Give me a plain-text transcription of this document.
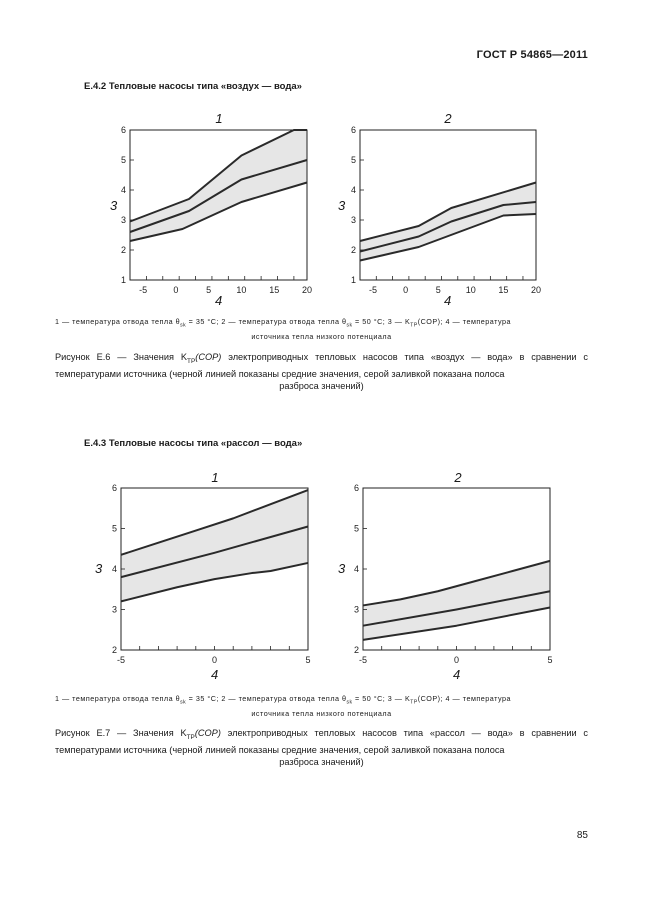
ГОСТ Р 54865—2011
Е.4.2 Тепловые насосы типа «воздух — вода»
1	2
3	3
4	4
-5	0	5	10	15	20
1
2
3
4
5
6
-5	0	5	10	15	20
1
2
3
4
5
6
1 — температура отвода тепла $\theta_{sk} = 35$ °C; 2 — температура отвода тепла $\theta_{sk} = 50$ °C; 3 — $K_{ТР}(COP)$; 4 — температура
источника тепла низкого потенциала
Рисунок Е.6 — Значения $K_{ТР}(COP)$ электроприводных тепловых насосов типа «воздух — вода» в сравнении с температурами источника (черной линией показаны средние значения, серой заливкой показана полоса
разброса значений)
Е.4.3 Тепловые насосы типа «рассол — вода»
1	2
3	3
4	4
-5	0	5
2
3
4
5
6
-5	0	5
2
3
4
5
6
1 — температура отвода тепла $\theta_{sk} = 35$ °C; 2 — температура отвода тепла $\theta_{sk} = 50$ °C; 3 — $K_{ТР}(COP)$; 4 — температура
источника тепла низкого потенциала
Рисунок Е.7 — Значения $K_{ТР}(COP)$ электроприводных тепловых насосов типа «рассол — вода» в сравнении с температурами источника (черной линией показаны средние значения, серой заливкой показана полоса
разброса значений)
85
